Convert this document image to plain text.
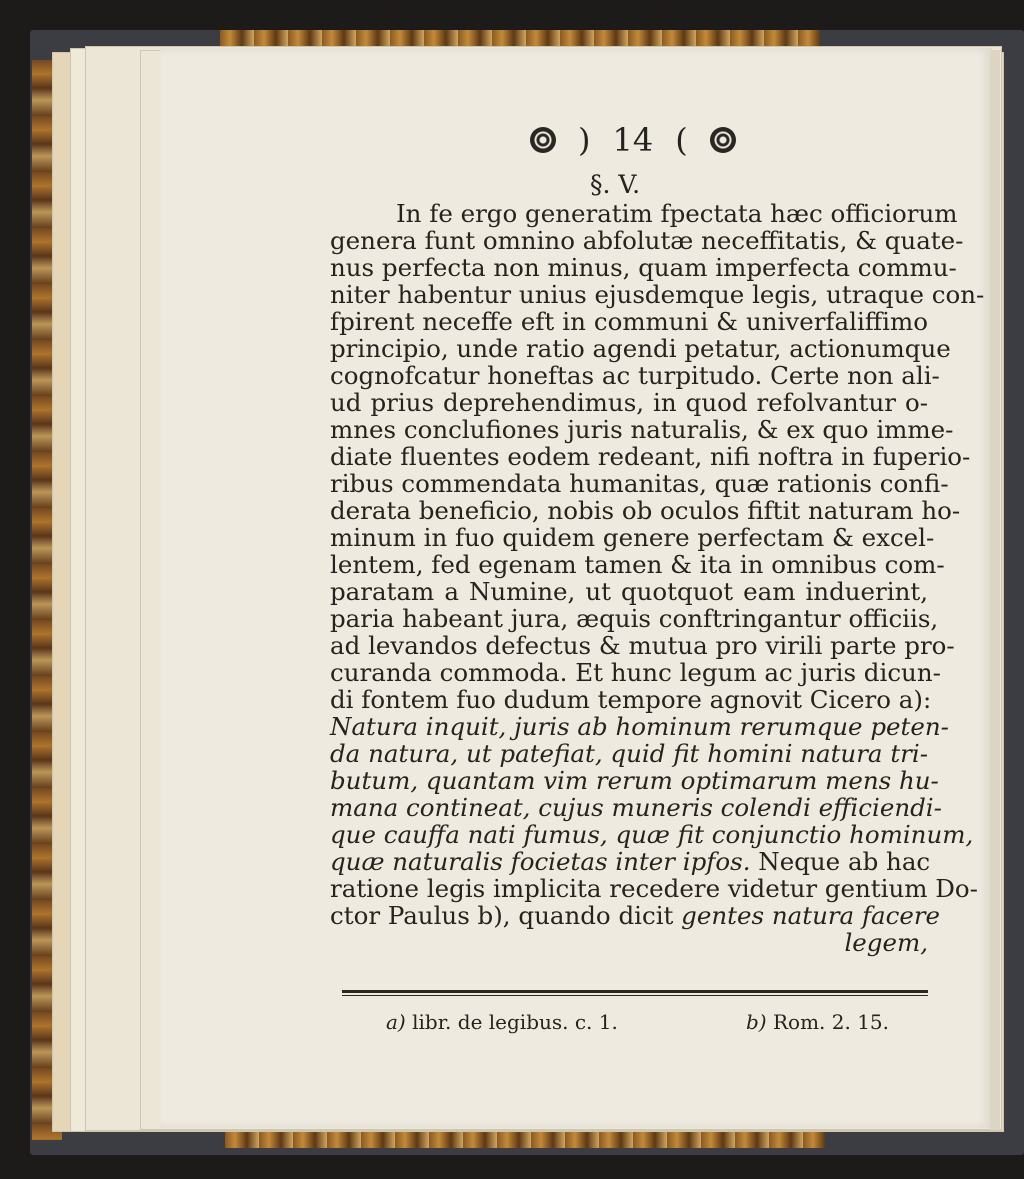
) 14 (
§. V.
In fe ergo generatim fpectata hæc officiorum
genera funt omnino abfolutæ neceffitatis, & quate-
nus perfecta non minus, quam imperfecta commu-
niter habentur unius ejusdemque legis, utraque con-
fpirent neceffe eft in communi & univerfaliffimo
principio, unde ratio agendi petatur, actionumque
cognofcatur honeftas ac turpitudo. Certe non ali-
ud prius deprehendimus, in quod refolvantur o-
mnes conclufiones juris naturalis, & ex quo imme-
diate fluentes eodem redeant, nifi noftra in fuperio-
ribus commendata humanitas, quæ rationis confi-
derata beneficio, nobis ob oculos fiftit naturam ho-
minum in fuo quidem genere perfectam & excel-
lentem, fed egenam tamen & ita in omnibus com-
paratam a Numine, ut quotquot eam induerint,
paria habeant jura, æquis conftringantur officiis,
ad levandos defectus & mutua pro virili parte pro-
curanda commoda. Et hunc legum ac juris dicun-
di fontem fuo dudum tempore agnovit Cicero a):
Natura inquit, juris ab hominum rerumque peten-
da natura, ut patefiat, quid fit homini natura tri-
butum, quantam vim rerum optimarum mens hu-
mana contineat, cujus muneris colendi efficiendi-
que cauffa nati fumus, quæ fit conjunctio hominum,
quæ naturalis focietas inter ipfos. Neque ab hac
ratione legis implicita recedere videtur gentium Do-
ctor Paulus b), quando dicit gentes natura facere
legem,
a) libr. de legibus. c. 1.	b) Rom. 2. 15.
